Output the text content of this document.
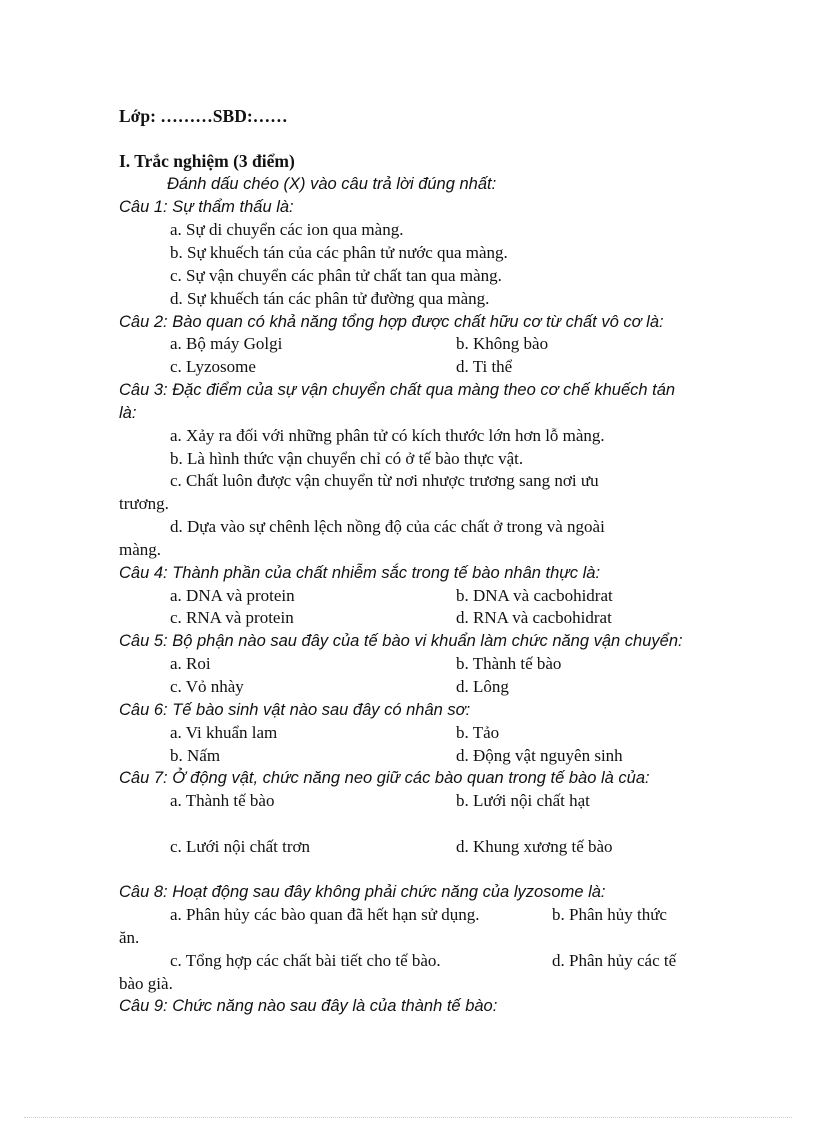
Lớp: ………SBD:……
I. Trắc nghiệm (3 điểm)
Đánh dấu chéo (X) vào câu trả lời đúng nhất:
Câu 1: Sự thẩm thấu là:
a. Sự di chuyển các ion qua màng.
b. Sự khuếch tán của các phân tử nước qua màng.
c. Sự vận chuyển các phân tử chất tan qua màng.
d. Sự khuếch tán các phân tử đường qua màng.
Câu 2: Bào quan có khả năng tổng hợp được chất hữu cơ từ chất vô cơ là:
a. Bộ máy Golgi	b. Không bào
c. Lyzosome	d. Ti thể
Câu 3: Đặc điểm của sự vận chuyển chất qua màng theo cơ chế khuếch tán
là:
a. Xảy ra đối với những phân tử có kích thước lớn hơn lỗ màng.
b. Là hình thức vận chuyển chỉ có ở tế bào thực vật.
c. Chất luôn được vận chuyển từ nơi nhược trương sang nơi ưu
trương.
d. Dựa vào sự chênh lệch nồng độ của các chất ở trong và ngoài
màng.
Câu 4: Thành phần của chất nhiễm sắc trong tế bào nhân thực là:
a. DNA và protein	b. DNA và cacbohidrat
c. RNA và protein	d. RNA và cacbohidrat
Câu 5: Bộ phận nào sau đây của tế bào vi khuẩn làm chức năng vận chuyển:
a. Roi	b. Thành tế bào
c. Vỏ nhày	d. Lông
Câu 6: Tế bào sinh vật nào sau đây có nhân sơ:
a. Vi khuẩn lam	b. Tảo
b. Nấm	d. Động vật nguyên sinh
Câu 7: Ở động vật, chức năng neo giữ các bào quan trong tế bào là của:
a. Thành tế bào	b. Lưới nội chất hạt
c. Lưới nội chất trơn	d. Khung xương tế bào
Câu 8: Hoạt động sau đây không phải chức năng của lyzosome là:
a. Phân hủy các bào quan đã hết hạn sử dụng.	b. Phân hủy thức
ăn.
c. Tổng hợp các chất bài tiết cho tế bào.	d. Phân hủy các tế
bào già.
Câu 9: Chức năng nào sau đây là của thành tế bào:
